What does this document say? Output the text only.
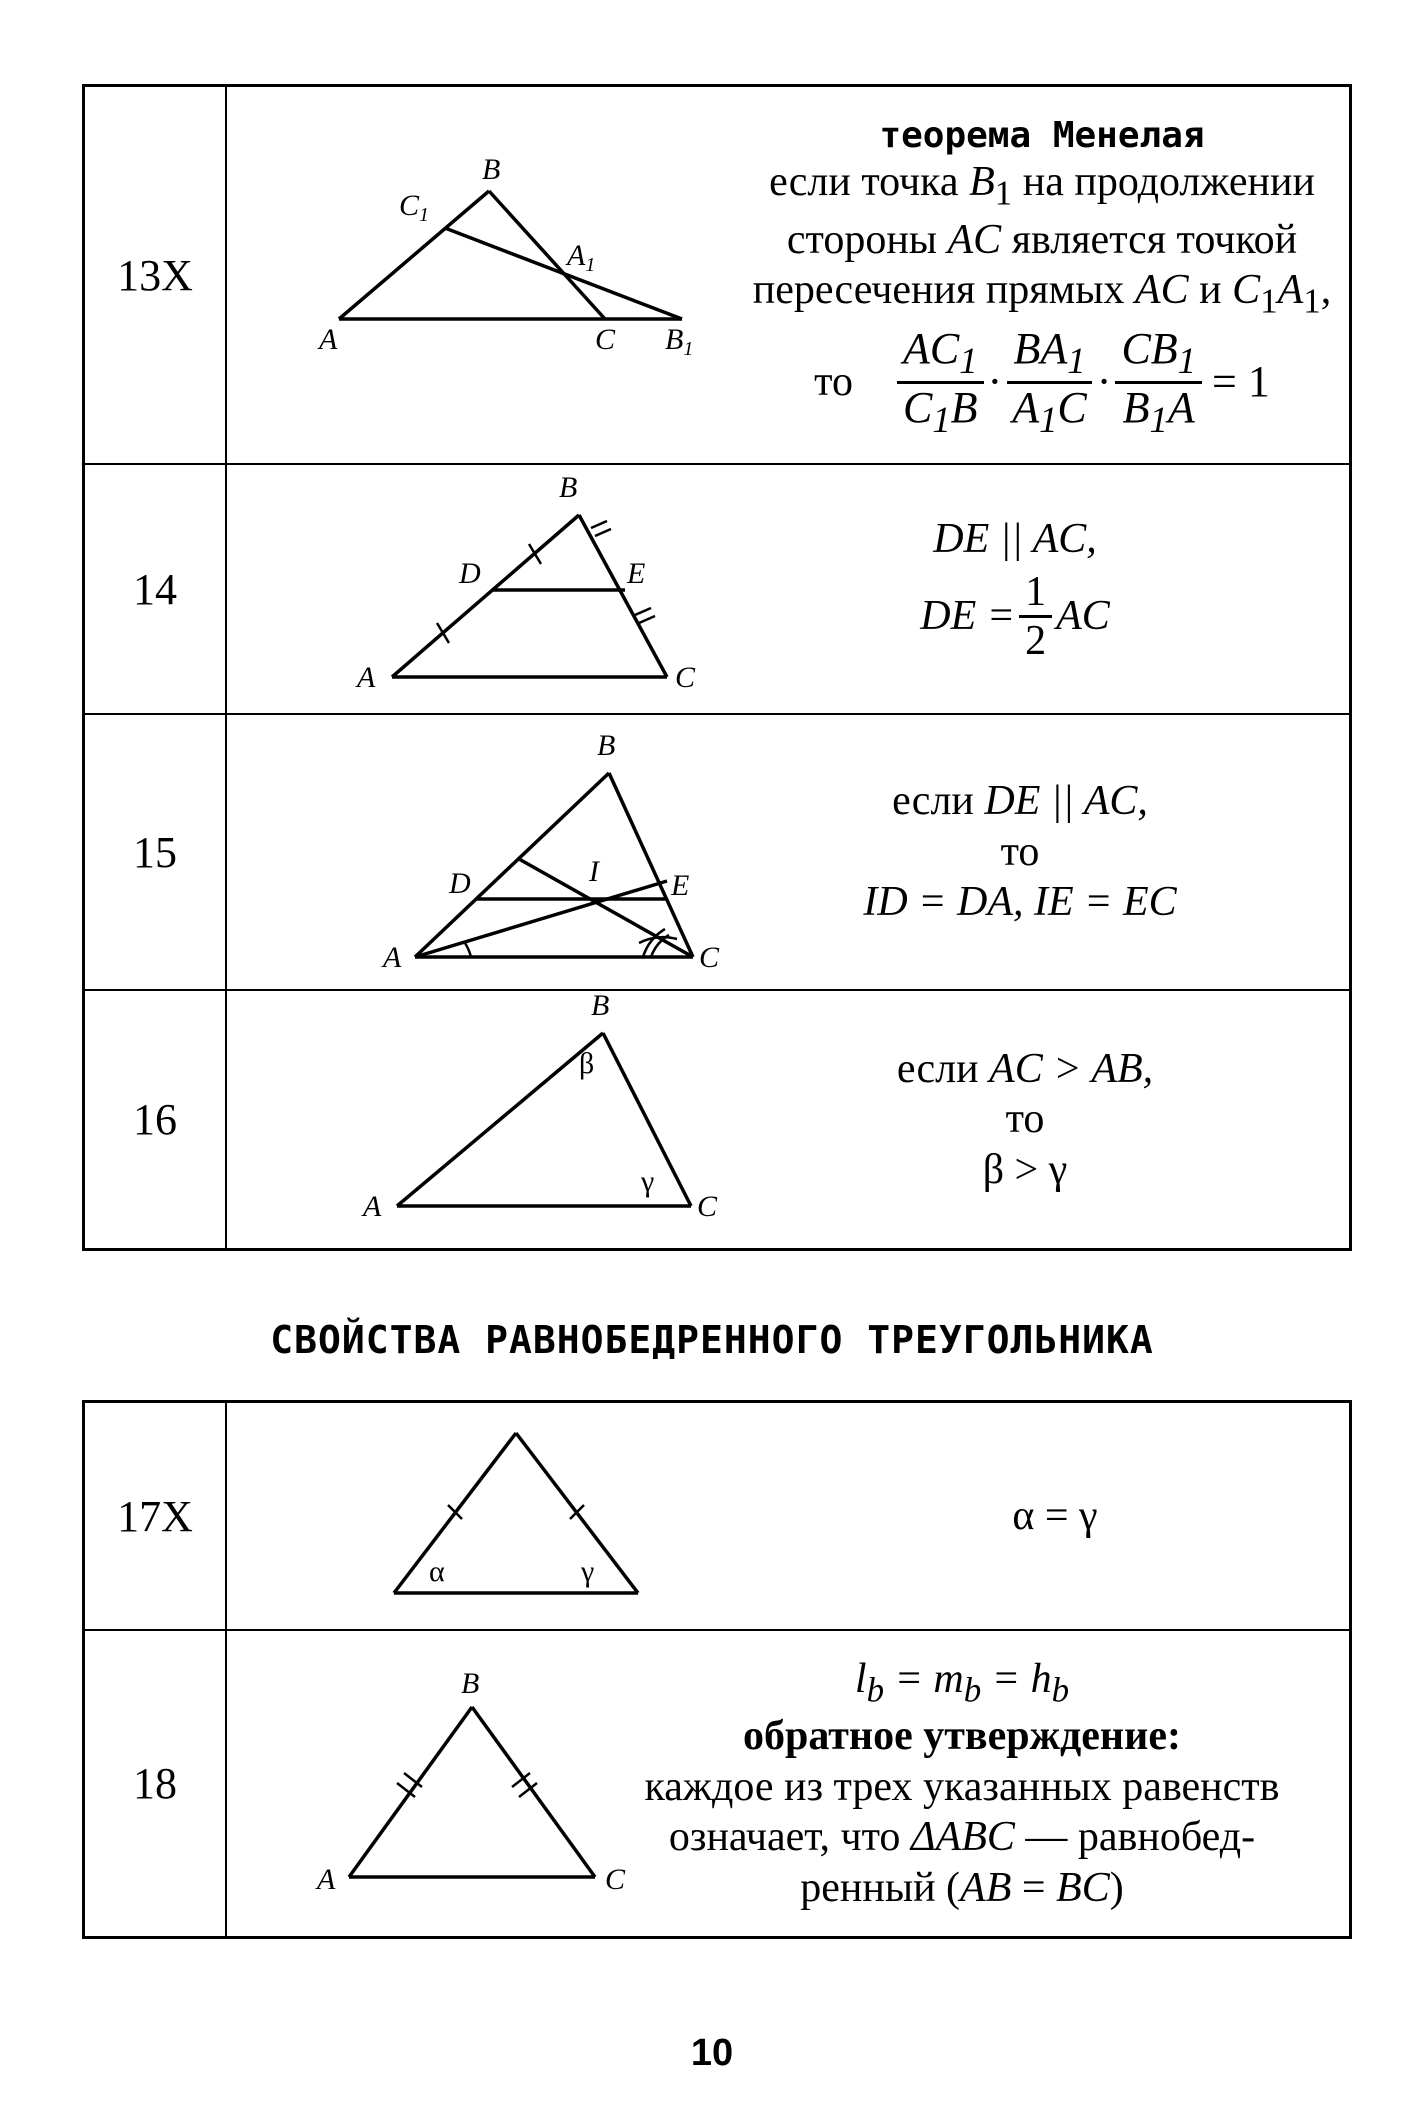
13X
B
$C_1$
$A_1$
A	C $B_1$
теорема Менелая
если точка $B_1$ на продолжении
стороны AC является точкой
пересечения прямых AC и $C_1A_1$,
то $\frac{AC_1}{C_1B} \cdot \frac{BA_1}{A_1C} \cdot \frac{CB_1}{B_1A} = 1$
14
B
D	E
A	C
DE || AC,
DE = $\frac{1}{2}$ AC
15
B
D	I E
A	C
если DE || AC,
то
ID = DA, IE = EC
16
B
β
γ
A	C
если AC > AB,
то
β > γ
СВОЙСТВА РАВНОБЕДРЕННОГО ТРЕУГОЛЬНИКА
17X
α	γ
α = γ
18
B
A	C
$l_b = m_b = h_b$
обратное утверждение:
каждое из трех указанных равенств
означает, что ΔABC — равнобед-
ренный (AB = BC)
10
